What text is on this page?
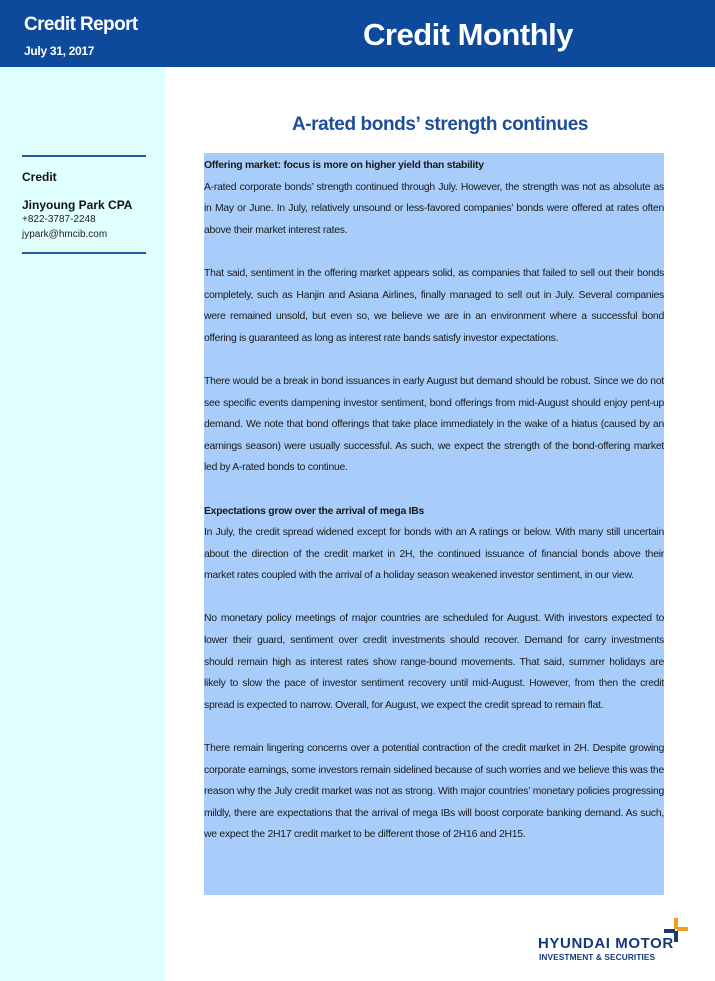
Credit Report
July 31, 2017	Credit Monthly
Credit
Jinyoung Park CPA
+822-3787-2248
jypark@hmcib.com
A-rated bonds’ strength continues

Offering market: focus is more on higher yield than stability

A-rated corporate bonds’ strength continued through July. However, the strength was not as absolute as in May or June. In July, relatively unsound or less-favored companies’ bonds were offered at rates often above their market interest rates.

That said, sentiment in the offering market appears solid, as companies that failed to sell out their bonds completely, such as Hanjin and Asiana Airlines, finally managed to sell out in July. Several companies were remained unsold, but even so, we believe we are in an environment where a successful bond offering is guaranteed as long as interest rate bands satisfy investor expectations.

There would be a break in bond issuances in early August but demand should be robust. Since we do not see specific events dampening investor sentiment, bond offerings from mid-August should enjoy pent-up demand. We note that bond offerings that take place immediately in the wake of a hiatus (caused by an earnings season) were usually successful. As such, we expect the strength of the bond-offering market led by A-rated bonds to continue.

Expectations grow over the arrival of mega IBs

In July, the credit spread widened except for bonds with an A ratings or below. With many still uncertain about the direction of the credit market in 2H, the continued issuance of financial bonds above their market rates coupled with the arrival of a holiday season weakened investor sentiment, in our view.

No monetary policy meetings of major countries are scheduled for August. With investors expected to lower their guard, sentiment over credit investments should recover. Demand for carry investments should remain high as interest rates show range-bound movements. That said, summer holidays are likely to slow the pace of investor sentiment recovery until mid-August. However, from then the credit spread is expected to narrow. Overall, for August, we expect the credit spread to remain flat.

There remain lingering concerns over a potential contraction of the credit market in 2H. Despite growing corporate earnings, some investors remain sidelined because of such worries and we believe this was the reason why the July credit market was not as strong. With major countries’ monetary policies progressing mildly, there are expectations that the arrival of mega IBs will boost corporate banking demand. As such, we expect the 2H17 credit market to be different those of 2H16 and 2H15.

HYUNDAI MOTOR
INVESTMENT & SECURITIES
